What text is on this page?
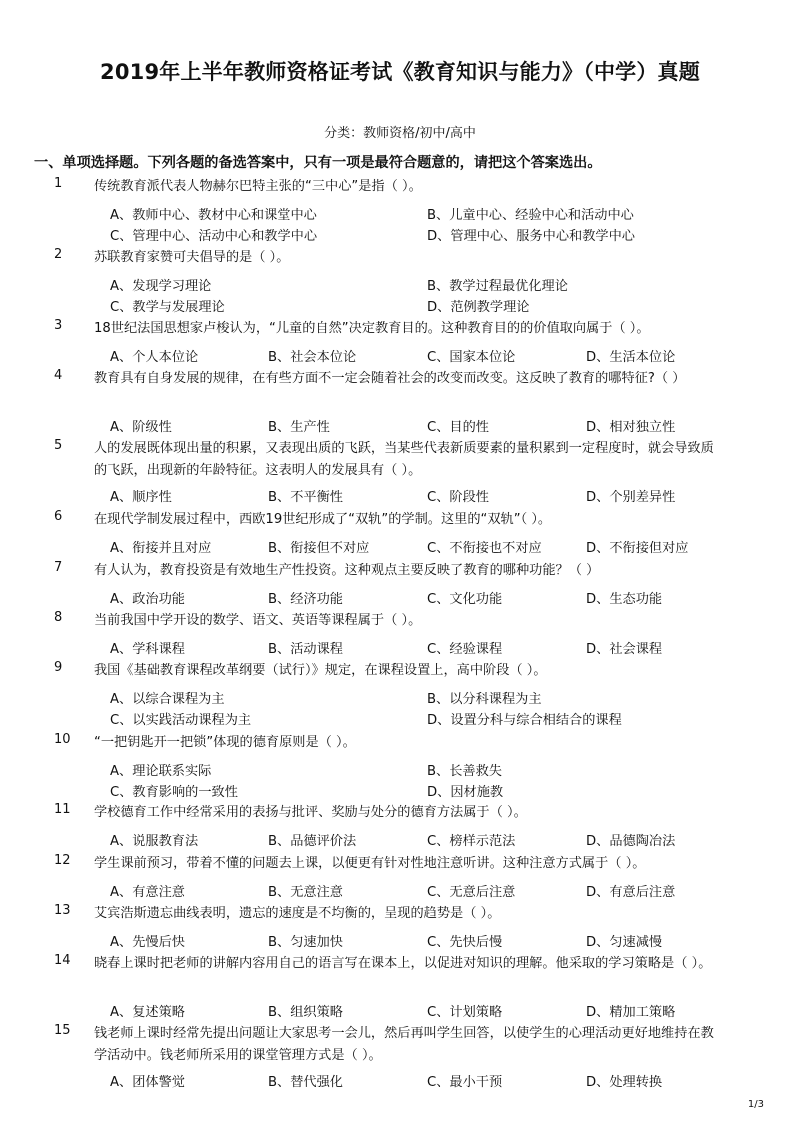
2019年上半年教师资格证考试《教育知识与能力》（中学）真题
分类：教师资格/初中/高中
一、单项选择题。下列各题的备选答案中，只有一项是最符合题意的，请把这个答案选出。
1	传统教育派代表人物赫尔巴特主张的“三中心”是指（ ）。
A、教师中心、教材中心和课堂中心	B、儿童中心、经验中心和活动中心
C、管理中心、活动中心和教学中心	D、管理中心、服务中心和教学中心
2	苏联教育家赞可夫倡导的是（ ）。
A、发现学习理论	B、教学过程最优化理论
C、教学与发展理论	D、范例教学理论
3	18世纪法国思想家卢梭认为，“儿童的自然”决定教育目的。这种教育目的的价值取向属于（ ）。
A、个人本位论	B、社会本位论	C、国家本位论	D、生活本位论
4	教育具有自身发展的规律，在有些方面不一定会随着社会的改变而改变。这反映了教育的哪特征?（ ）
A、阶级性	B、生产性	C、目的性	D、相对独立性
5	人的发展既体现出量的积累，又表现出质的飞跃，当某些代表新质要素的量积累到一定程度时，就会导致质的飞跃，出现新的年龄特征。这表明人的发展具有（ ）。
A、顺序性	B、不平衡性	C、阶段性	D、个别差异性
6	在现代学制发展过程中，西欧19世纪形成了“双轨”的学制。这里的“双轨”（ ）。
A、衔接并且对应	B、衔接但不对应	C、不衔接也不对应	D、不衔接但对应
7	有人认为，教育投资是有效地生产性投资。这种观点主要反映了教育的哪种功能？（ ）
A、政治功能	B、经济功能	C、文化功能	D、生态功能
8	当前我国中学开设的数学、语文、英语等课程属于（ ）。
A、学科课程	B、活动课程	C、经验课程	D、社会课程
9	我国《基础教育课程改革纲要（试行）》规定，在课程设置上，高中阶段（ ）。
A、以综合课程为主	B、以分科课程为主
C、以实践活动课程为主	D、设置分科与综合相结合的课程
10	“一把钥匙开一把锁”体现的德育原则是（ ）。
A、理论联系实际	B、长善救失
C、教育影响的一致性	D、因材施教
11	学校德育工作中经常采用的表扬与批评、奖励与处分的德育方法属于（ ）。
A、说服教育法	B、品德评价法	C、榜样示范法	D、品德陶冶法
12	学生课前预习，带着不懂的问题去上课，以便更有针对性地注意听讲。这种注意方式属于（ ）。
A、有意注意	B、无意注意	C、无意后注意	D、有意后注意
13	艾宾浩斯遗忘曲线表明，遗忘的速度是不均衡的，呈现的趋势是（ ）。
A、先慢后快	B、匀速加快	C、先快后慢	D、匀速减慢
14	晓春上课时把老师的讲解内容用自己的语言写在课本上，以促进对知识的理解。他采取的学习策略是（ ）。
A、复述策略	B、组织策略	C、计划策略	D、精加工策略
15	钱老师上课时经常先提出问题让大家思考一会儿，然后再叫学生回答，以使学生的心理活动更好地维持在教学活动中。钱老师所采用的课堂管理方式是（ ）。
A、团体警觉	B、替代强化	C、最小干预	D、处理转换
1/3
